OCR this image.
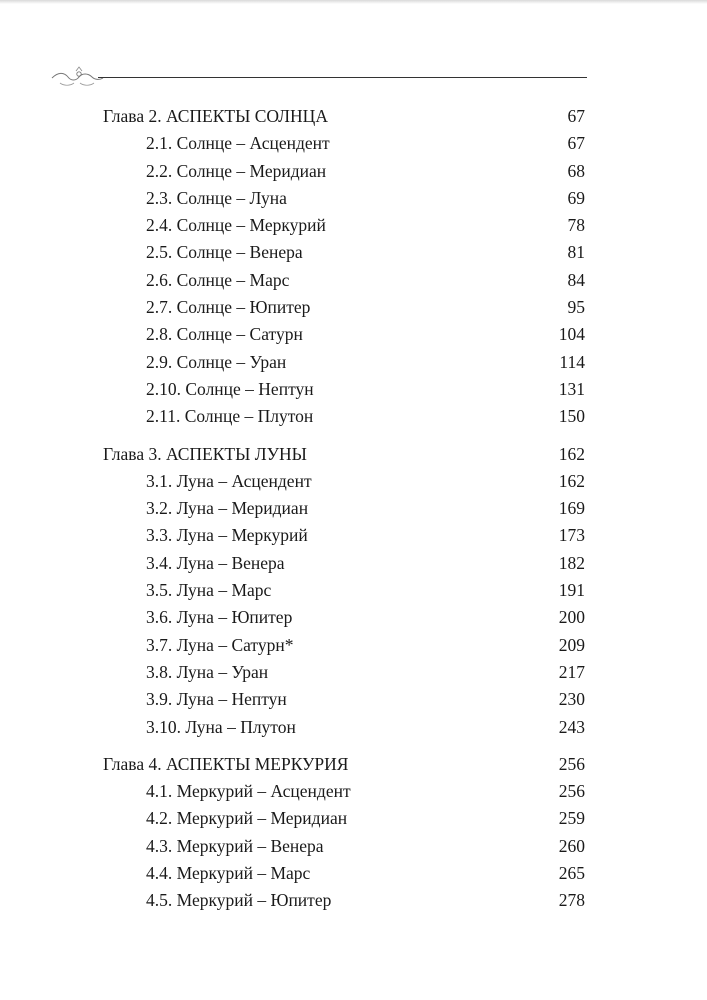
Глава 2. АСПЕКТЫ СОЛНЦА	67
2.1. Солнце – Асцендент	67
2.2. Солнце – Меридиан	68
2.3. Солнце – Луна	69
2.4. Солнце – Меркурий	78
2.5. Солнце – Венера	81
2.6. Солнце – Марс	84
2.7. Солнце – Юпитер	95
2.8. Солнце – Сатурн	104
2.9. Солнце – Уран	114
2.10. Солнце – Нептун	131
2.11. Солнце – Плутон	150
Глава 3. АСПЕКТЫ ЛУНЫ	162
3.1. Луна – Асцендент	162
3.2. Луна – Меридиан	169
3.3. Луна – Меркурий	173
3.4. Луна – Венера	182
3.5. Луна – Марс	191
3.6. Луна – Юпитер	200
3.7. Луна – Сатурн*	209
3.8. Луна – Уран	217
3.9. Луна – Нептун	230
3.10. Луна – Плутон	243
Глава 4. АСПЕКТЫ МЕРКУРИЯ	256
4.1. Меркурий – Асцендент	256
4.2. Меркурий – Меридиан	259
4.3. Меркурий – Венера	260
4.4. Меркурий – Марс	265
4.5. Меркурий – Юпитер	278
